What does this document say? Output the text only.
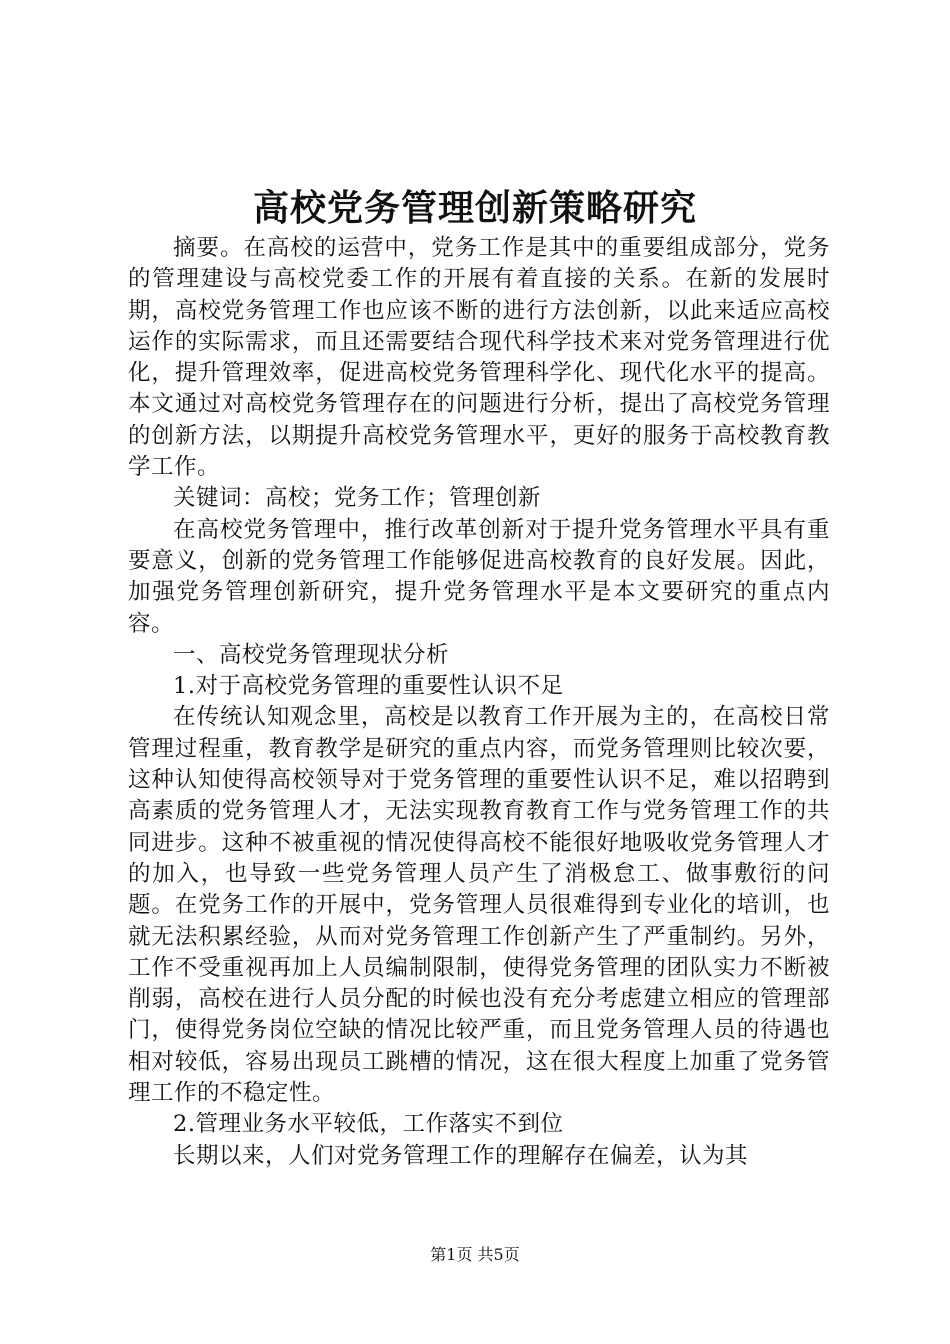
高校党务管理创新策略研究

摘要。在高校的运营中，党务工作是其中的重要组成部分，党务的管理建设与高校党委工作的开展有着直接的关系。在新的发展时期，高校党务管理工作也应该不断的进行方法创新，以此来适应高校运作的实际需求，而且还需要结合现代科学技术来对党务管理进行优化，提升管理效率，促进高校党务管理科学化、现代化水平的提高。本文通过对高校党务管理存在的问题进行分析，提出了高校党务管理的创新方法，以期提升高校党务管理水平，更好的服务于高校教育教学工作。

关键词：高校；党务工作；管理创新

在高校党务管理中，推行改革创新对于提升党务管理水平具有重要意义，创新的党务管理工作能够促进高校教育的良好发展。因此，加强党务管理创新研究，提升党务管理水平是本文要研究的重点内容。

一、高校党务管理现状分析

1.对于高校党务管理的重要性认识不足

在传统认知观念里，高校是以教育工作开展为主的，在高校日常管理过程重，教育教学是研究的重点内容，而党务管理则比较次要，这种认知使得高校领导对于党务管理的重要性认识不足，难以招聘到高素质的党务管理人才，无法实现教育教育工作与党务管理工作的共同进步。这种不被重视的情况使得高校不能很好地吸收党务管理人才的加入，也导致一些党务管理人员产生了消极怠工、做事敷衍的问题。在党务工作的开展中，党务管理人员很难得到专业化的培训，也就无法积累经验，从而对党务管理工作创新产生了严重制约。另外，工作不受重视再加上人员编制限制，使得党务管理的团队实力不断被削弱，高校在进行人员分配的时候也没有充分考虑建立相应的管理部门，使得党务岗位空缺的情况比较严重，而且党务管理人员的待遇也相对较低，容易出现员工跳槽的情况，这在很大程度上加重了党务管理工作的不稳定性。

2.管理业务水平较低，工作落实不到位

长期以来，人们对党务管理工作的理解存在偏差，认为其

第1页 共5页
